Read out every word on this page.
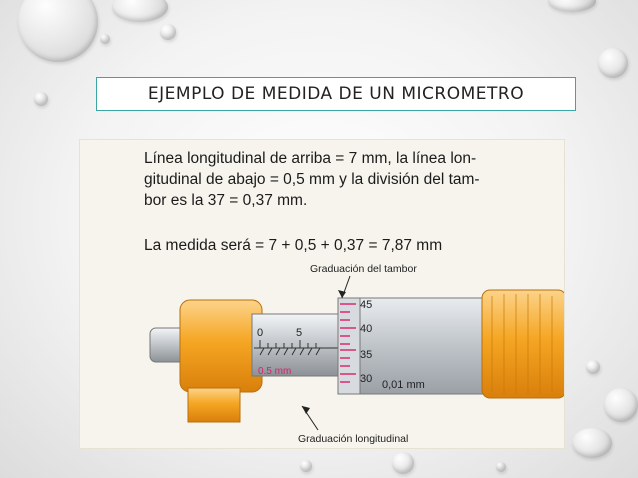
EJEMPLO DE MEDIDA DE UN MICROMETRO

Línea longitudinal de arriba = 7 mm, la línea lon-

gitudinal de abajo = 0,5 mm y la división del tam-

bor es la 37 = 0,37 mm.

La medida será = 7 + 0,5 + 0,37 = 7,87 mm
0	5
0.5 mm
45
40
35
30 0,01 mm
Graduación del tambor
Graduación longitudinal
